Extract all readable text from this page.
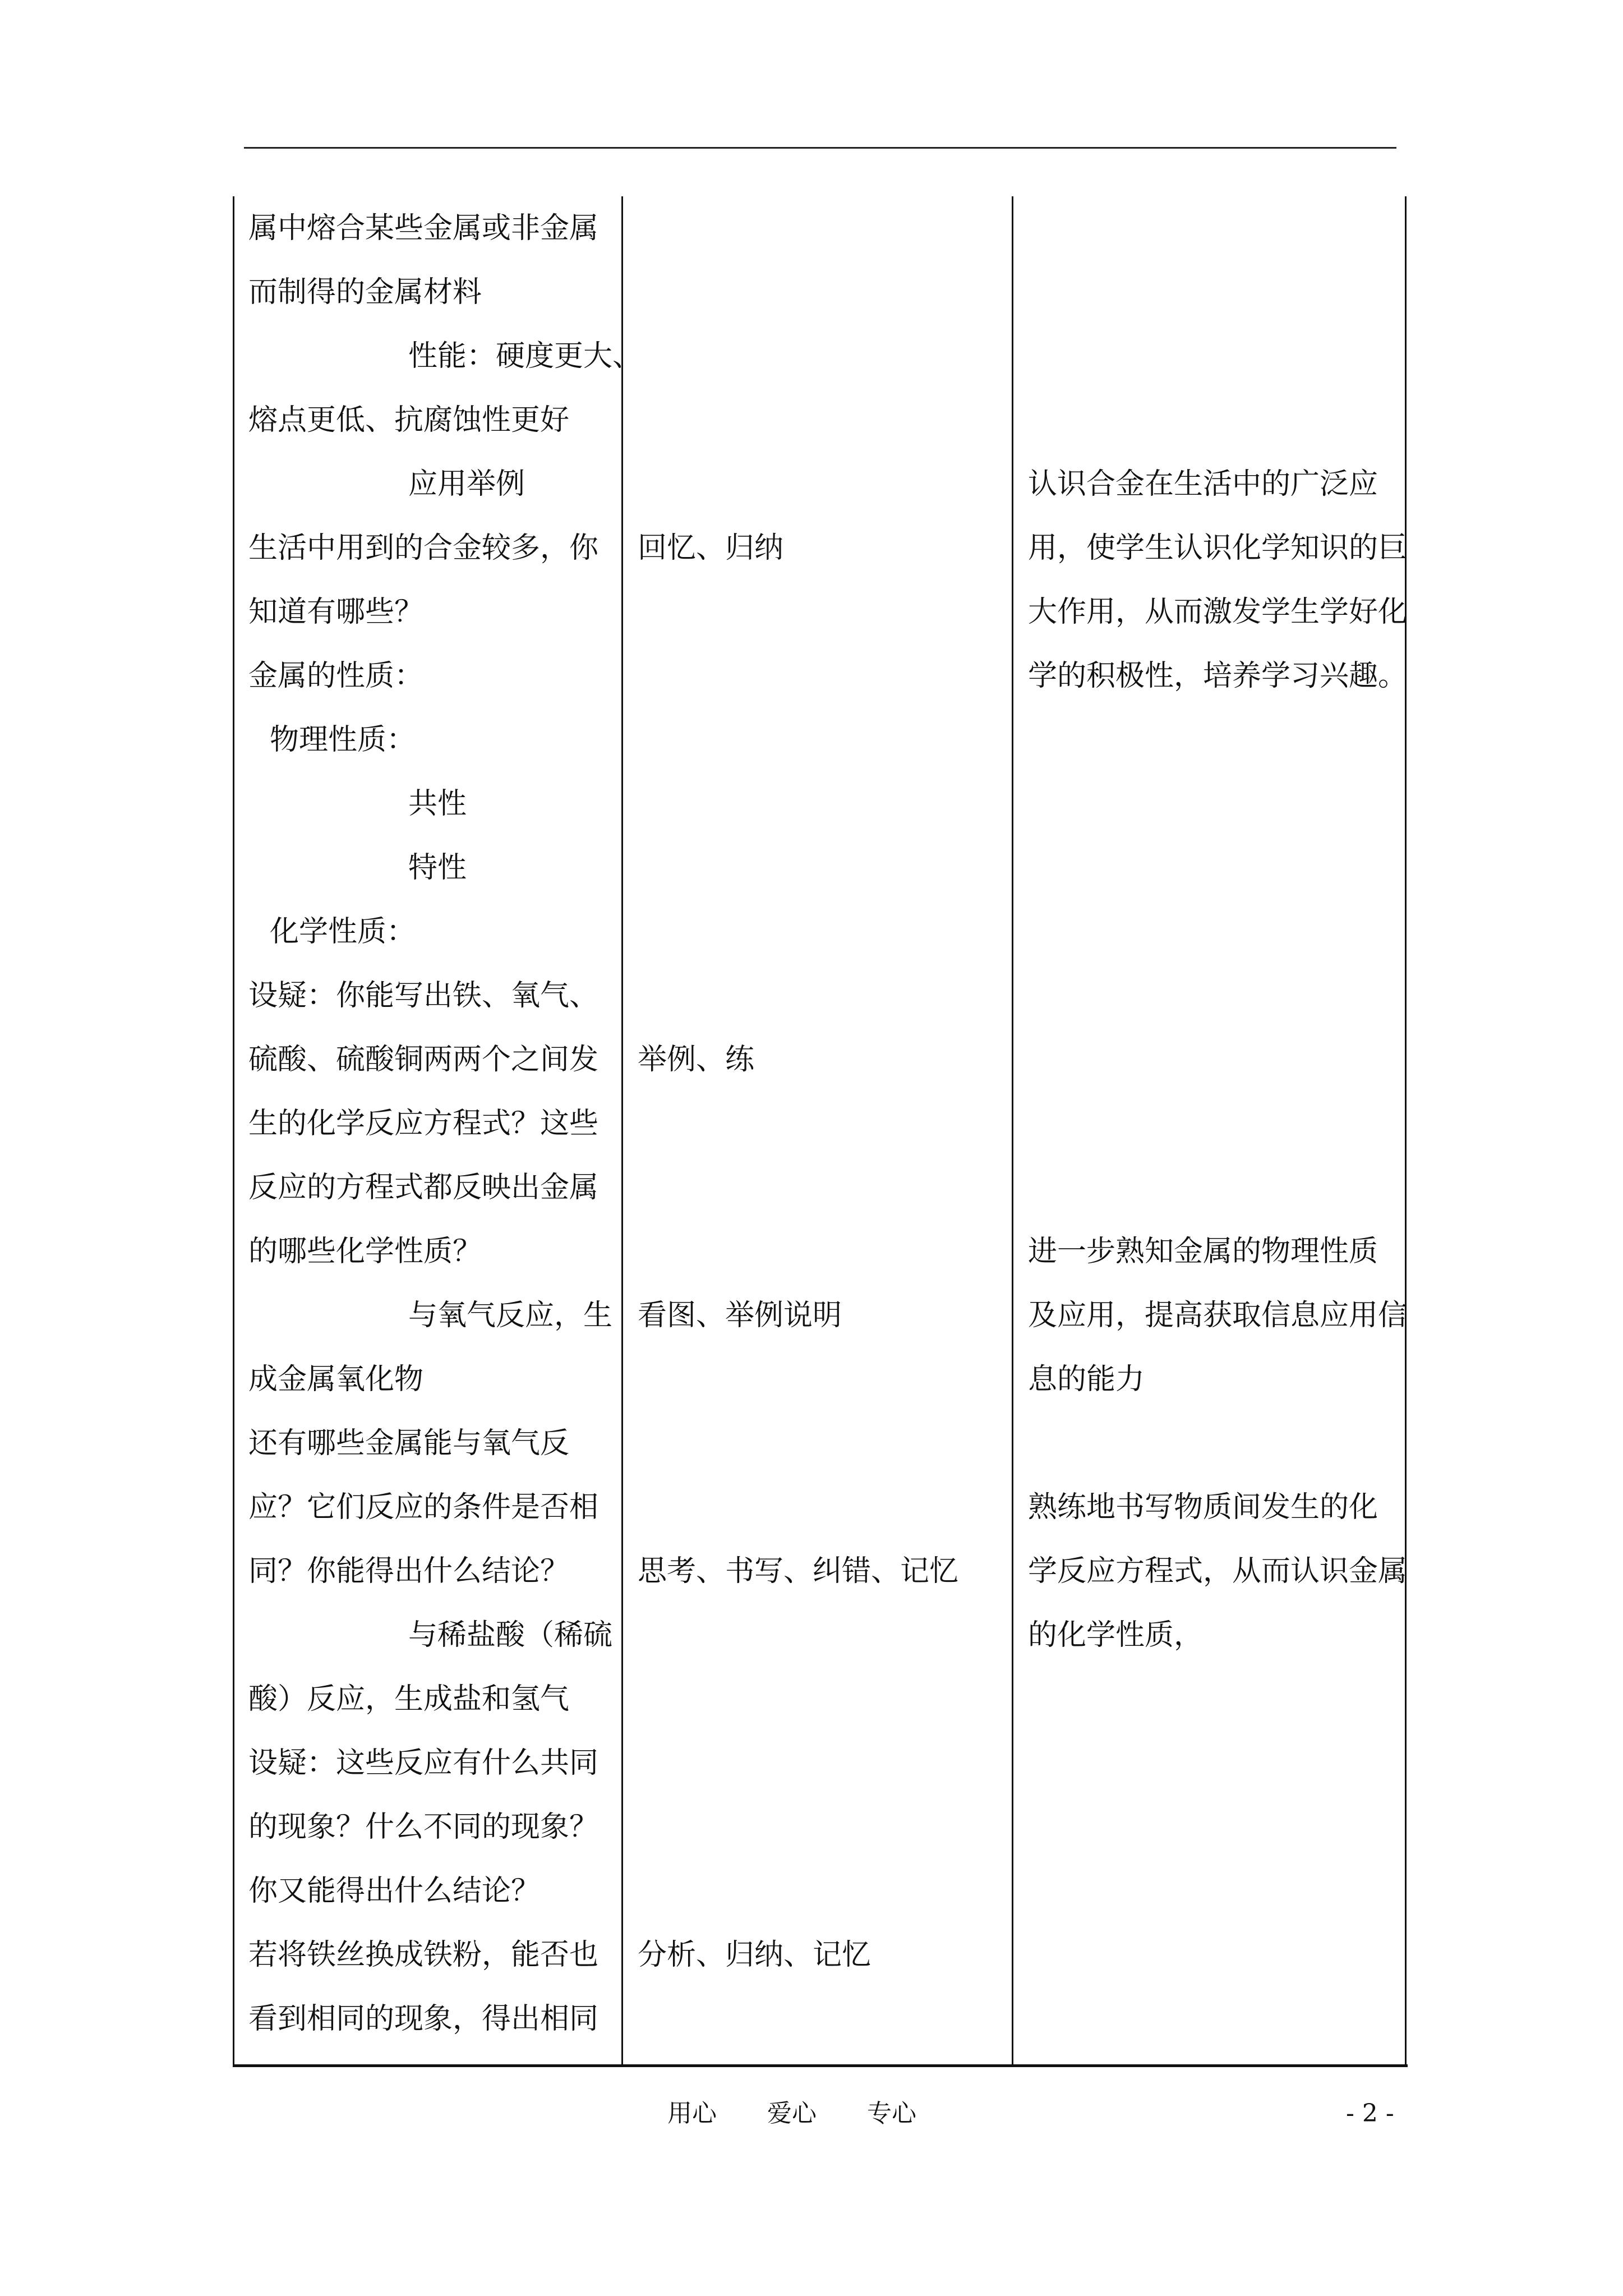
属中熔合某些金属或非金属
而制得的金属材料
性能：硬度更大、
熔点更低、抗腐蚀性更好
应用举例
生活中用到的合金较多，你
知道有哪些？
金属的性质：
物理性质：
共性
特性
化学性质：
设疑：你能写出铁、氧气、
硫酸、硫酸铜两两个之间发
生的化学反应方程式？这些
反应的方程式都反映出金属
的哪些化学性质？
与氧气反应，生
成金属氧化物
还有哪些金属能与氧气反
应？它们反应的条件是否相
同？你能得出什么结论？
与稀盐酸（稀硫
酸）反应，生成盐和氢气
设疑：这些反应有什么共同
的现象？什么不同的现象？
你又能得出什么结论？
若将铁丝换成铁粉，能否也
看到相同的现象，得出相同
回忆、归纳
举例、练
看图、举例说明
思考、书写、纠错、记忆
分析、归纳、记忆
认识合金在生活中的广泛应
用，使学生认识化学知识的巨
大作用，从而激发学生学好化
学的积极性，培养学习兴趣。
进一步熟知金属的物理性质
及应用，提高获取信息应用信
息的能力
熟练地书写物质间发生的化
学反应方程式，从而认识金属
的化学性质，
用心 爱心 专心	- 2 -
